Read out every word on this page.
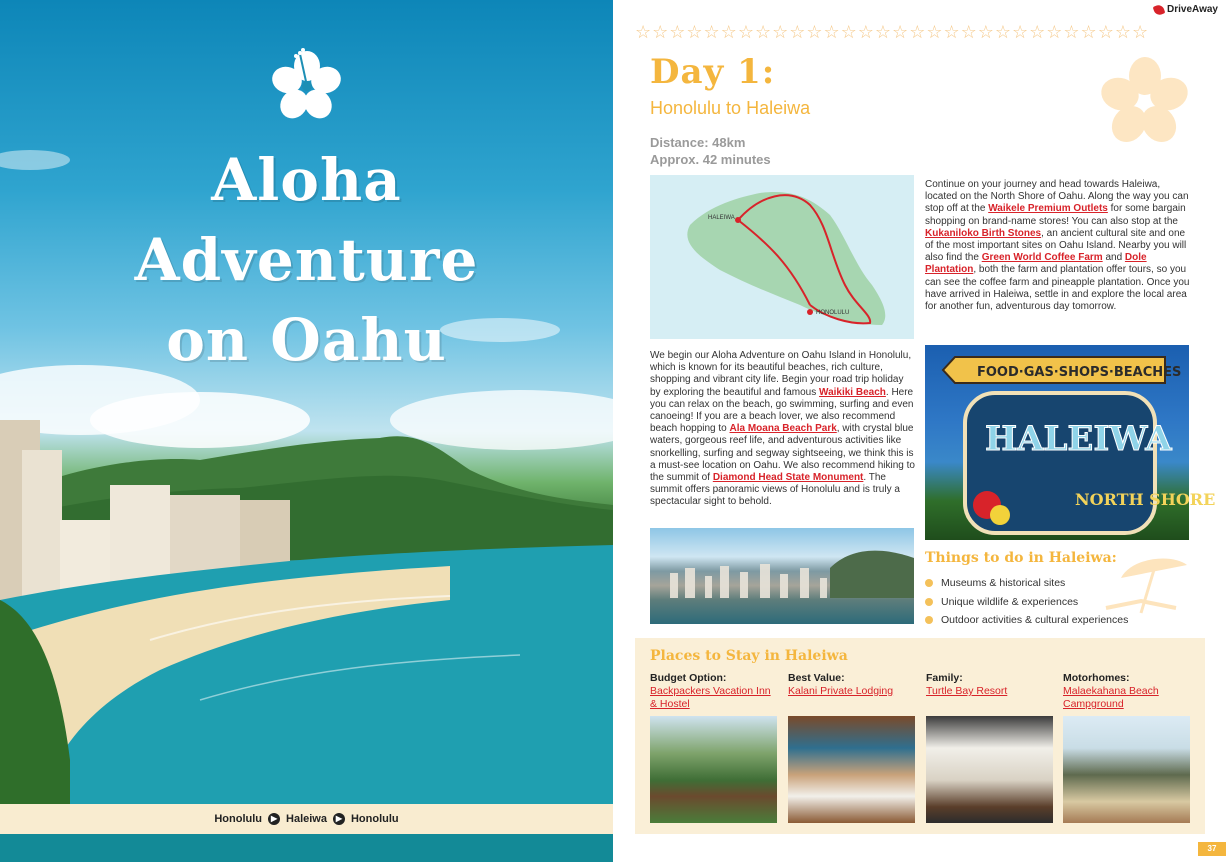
Aloha
Adventure
on Oahu
Honolulu	▶ Haleiwa	▶ Honolulu
DriveAway
☆☆☆☆☆☆☆☆☆☆☆☆☆☆☆☆☆☆☆☆☆☆☆☆☆☆☆☆☆☆
Day 1:
Honolulu to Haleiwa
Distance: 48km
Approx. 42 minutes
HALEIWA
HONOLULU

Continue on your journey and head towards Haleiwa, located on the North Shore of Oahu. Along the way you can stop off at the Waikele Premium Outlets for some bargain shopping on brand-name stores! You can also stop at the Kukaniloko Birth Stones, an ancient cultural site and one of the most important sites on Oahu Island. Nearby you will also find the Green World Coffee Farm and Dole Plantation, both the farm and plantation offer tours, so you can see the coffee farm and pineapple plantation. Once you have arrived in Haleiwa, settle in and explore the local area for another fun, adventurous day tomorrow.

We begin our Aloha Adventure on Oahu Island in Honolulu, which is known for its beautiful beaches, rich culture, shopping and vibrant city life. Begin your road trip holiday by exploring the beautiful and famous Waikiki Beach. Here you can relax on the beach, go swimming, surfing and even canoeing! If you are a beach lover, we also recommend beach hopping to Ala Moana Beach Park, with crystal blue waters, gorgeous reef life, and adventurous activities like snorkelling, surfing and segway sightseeing, we think this is a must-see location on Oahu. We also recommend hiking to the summit of Diamond Head State Monument. The summit offers panoramic views of Honolulu and is truly a spectacular sight to behold.

FOOD·GAS·SHOPS·BEACHES
HALEIWA
NORTH SHORE
Things to do in Haleiwa:
Museums & historical sites
Unique wildlife & experiences
Outdoor activities & cultural experiences
Places to Stay in Haleiwa
Budget Option:
Backpackers Vacation Inn & Hostel
Best Value:
Kalani Private Lodging
Family:
Turtle Bay Resort
Motorhomes:
Malaekahana Beach Campground
37
